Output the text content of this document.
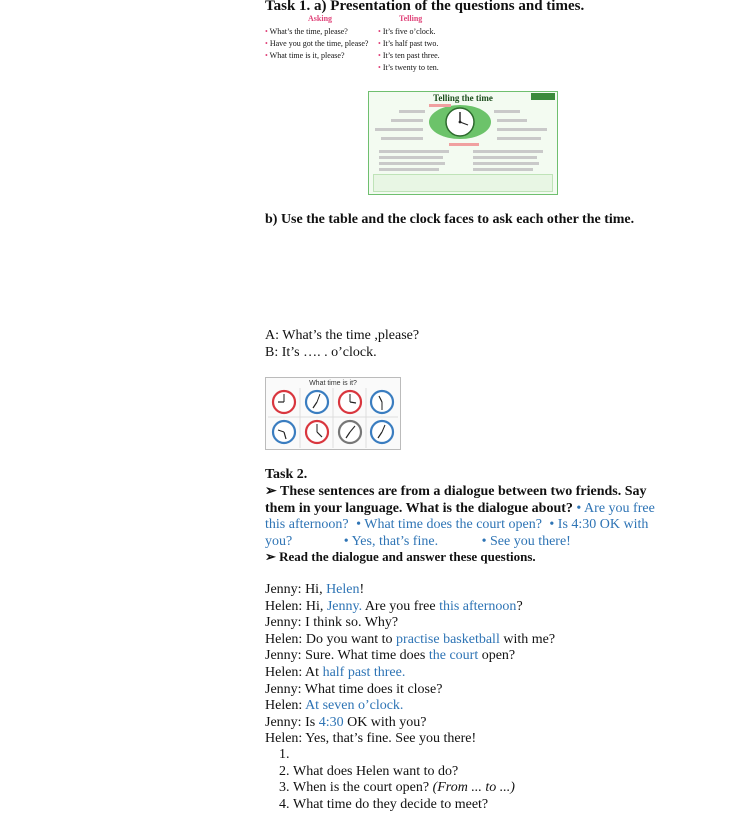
Task 1. a) Presentation of the questions and times.
Asking	Telling
• What’s the time, please?
• Have you got the time, please?
• What time is it, please?
• It’s five o’clock.
• It’s half past two.
• It’s ten past three.
• It’s twenty to ten.
Telling the time
b) Use the table and the clock faces to ask each other the time.
A: What’s the time ,please?
B: It’s …. . o’clock.
What time is it?
Task 2.
➢ These sentences are from a dialogue between two friends. Say them in your language. What is the dialogue about? • Are you free this afternoon? • What time does the court open? • Is 4:30 OK with you?	• Yes, that’s fine.	• See you there!
➢ Read the dialogue and answer these questions.
Jenny: Hi, Helen!
Helen: Hi, Jenny. Are you free this afternoon?
Jenny: I think so. Why?
Helen: Do you want to practise basketball with me?
Jenny: Sure. What time does the court open?
Helen: At half past three.
Jenny: What time does it close?
Helen: At seven o’clock.
Jenny: Is 4:30 OK with you?
Helen: Yes, that’s fine. See you there!
1.
2. What does Helen want to do?
3. When is the court open? (From ... to ...)
4. What time do they decide to meet?
